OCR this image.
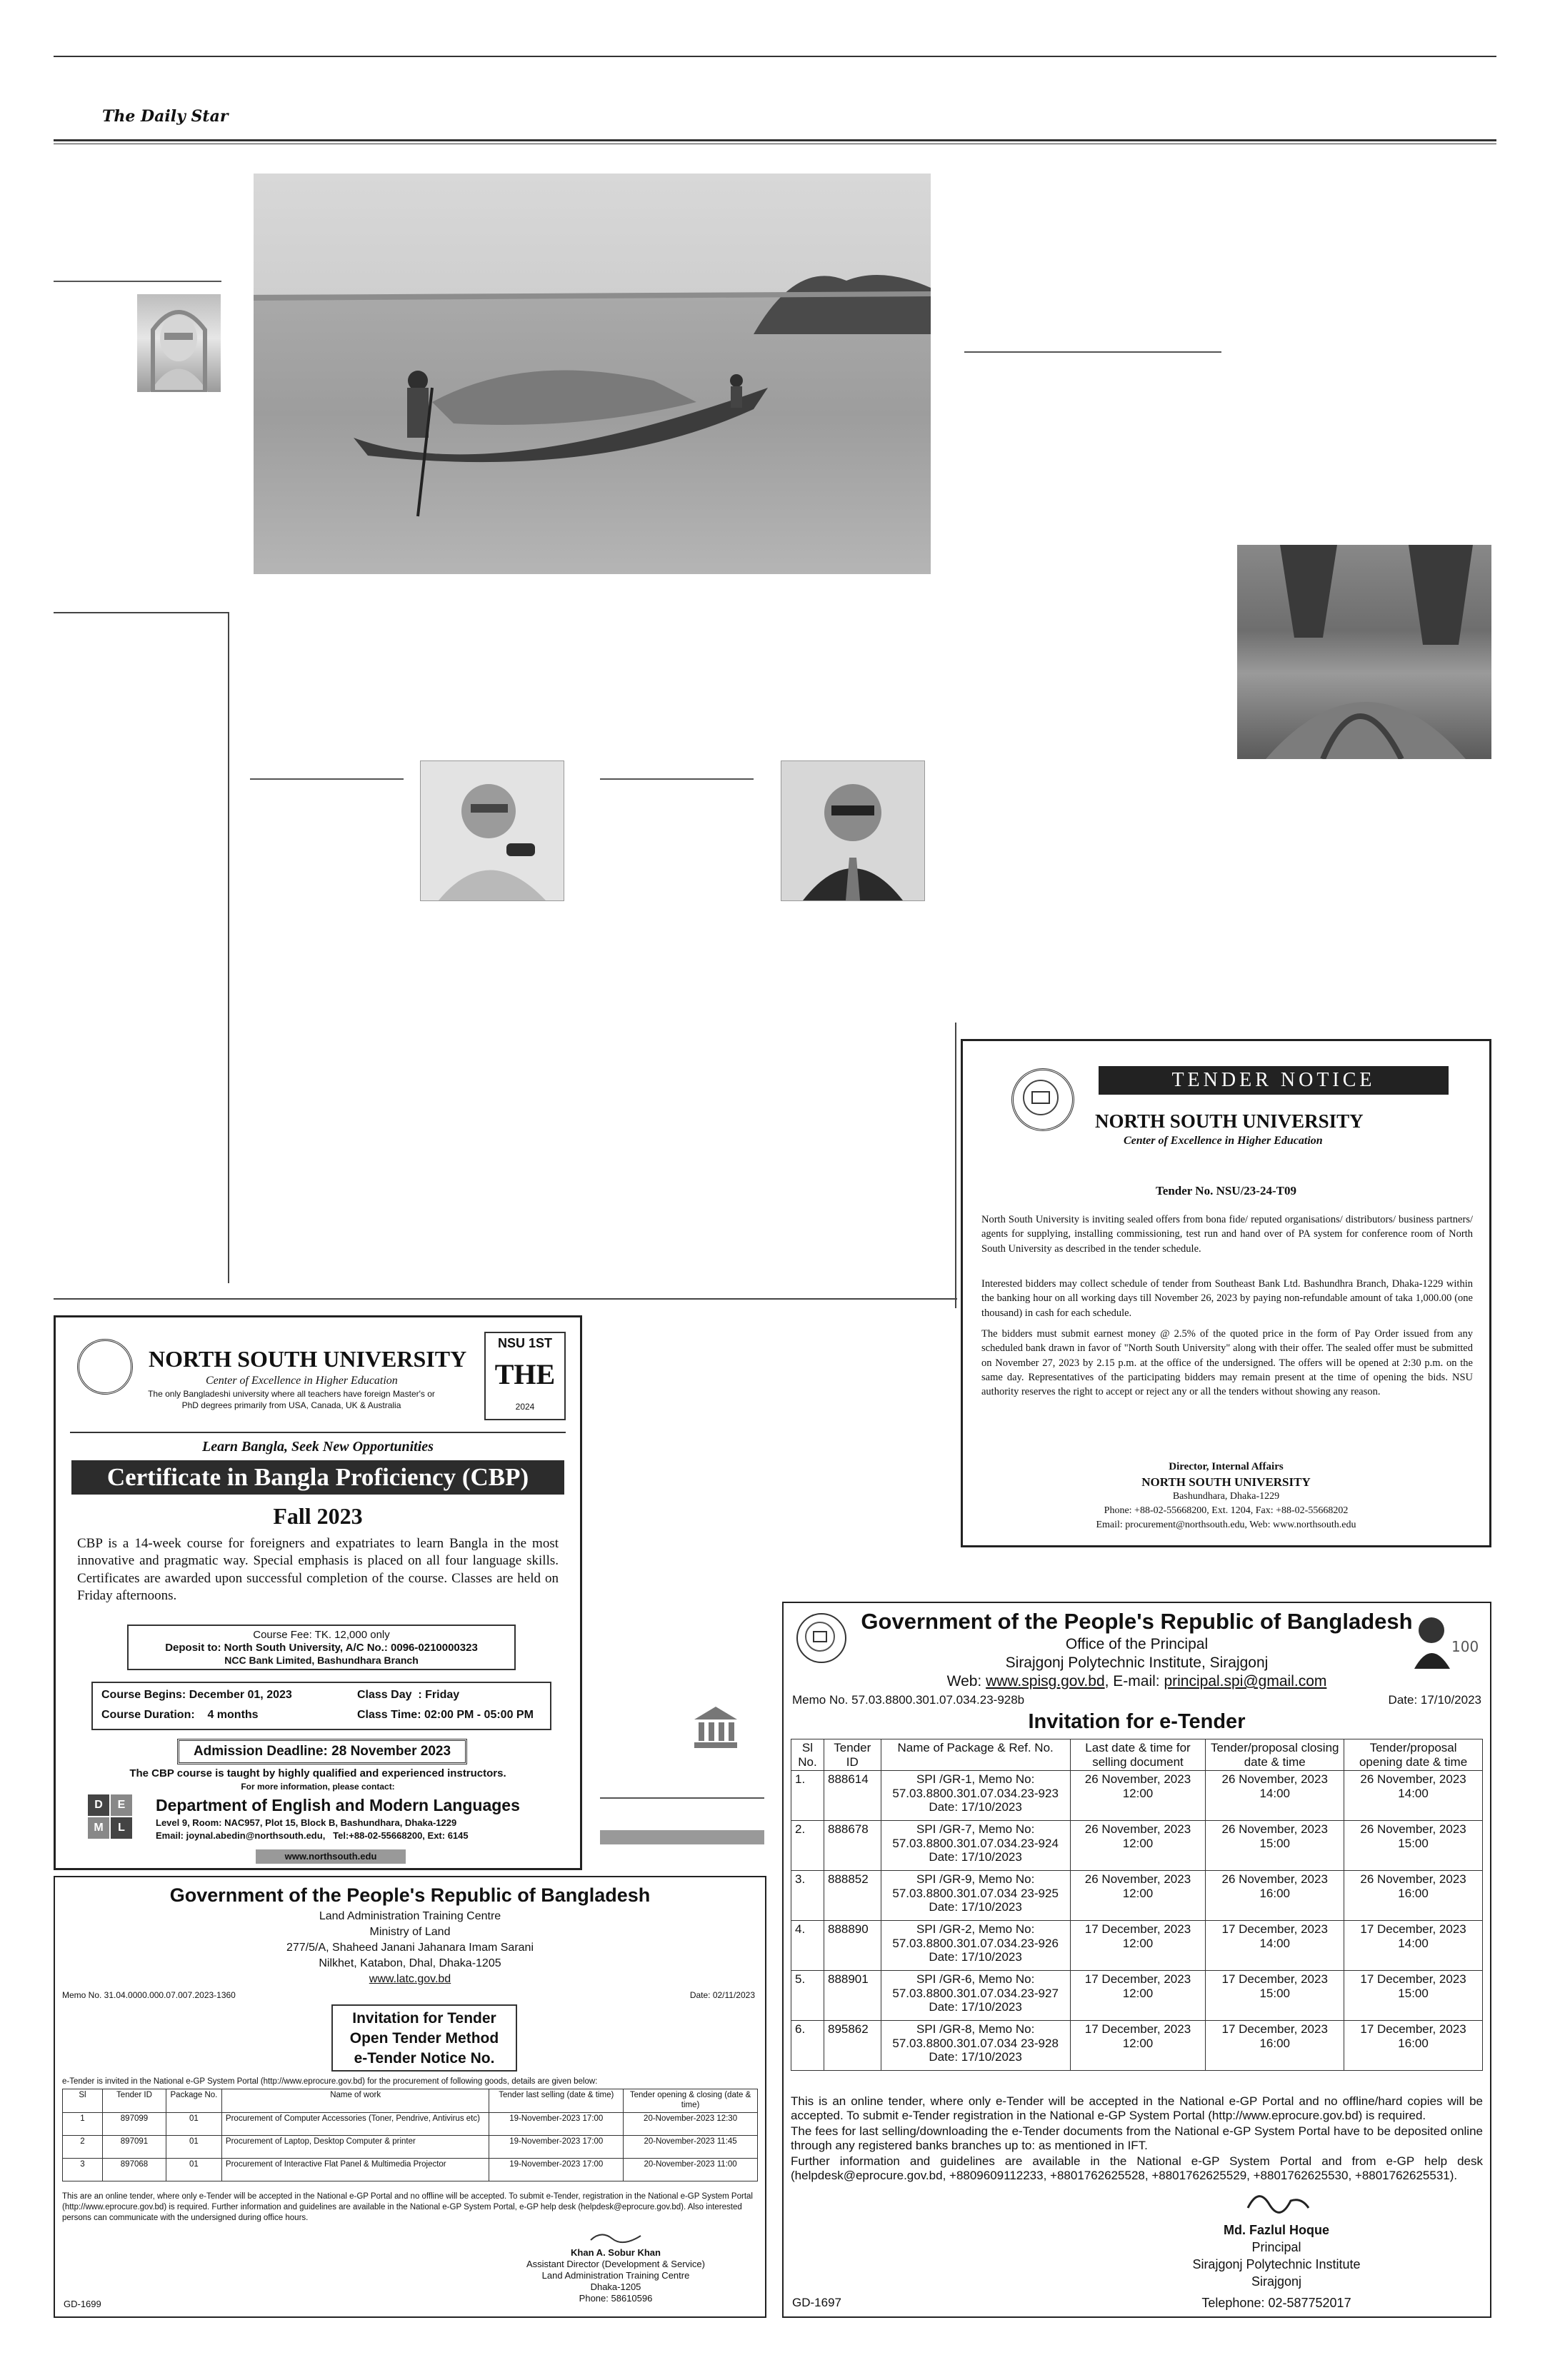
The Daily Star
TENDER NOTICE
NORTH SOUTH UNIVERSITY
Center of Excellence in Higher Education
Tender No. NSU/23-24-T09
North South University is inviting sealed offers from bona fide/ reputed organisations/ distributors/ business partners/ agents for supplying, installing commissioning, test run and hand over of PA system for conference room of North South University as described in the tender schedule.
Interested bidders may collect schedule of tender from Southeast Bank Ltd. Bashundhra Branch, Dhaka-1229 within the banking hour on all working days till November 26, 2023 by paying non-refundable amount of taka 1,000.00 (one thousand) in cash for each schedule.
The bidders must submit earnest money @ 2.5% of the quoted price in the form of Pay Order issued from any scheduled bank drawn in favor of "North South University" along with their offer. The sealed offer must be submitted on November 27, 2023 by 2.15 p.m. at the office of the undersigned. The offers will be opened at 2:30 p.m. on the same day. Representatives of the participating bidders may remain present at the time of opening the bids. NSU authority reserves the right to accept or reject any or all the tenders without showing any reason.
Director, Internal Affairs
NORTH SOUTH UNIVERSITY
Bashundhara, Dhaka-1229
Phone: +88-02-55668200, Ext. 1204, Fax: +88-02-55668202
Email: procurement@northsouth.edu, Web: www.northsouth.edu
NORTH SOUTH UNIVERSITY
Center of Excellence in Higher Education
The only Bangladeshi university where all teachers have foreign Master's or PhD degrees primarily from USA, Canada, UK & Australia
NSU 1ST
THE
2024
Learn Bangla, Seek New Opportunities
Certificate in Bangla Proficiency (CBP)
Fall 2023
CBP is a 14-week course for foreigners and expatriates to learn Bangla in the most innovative and pragmatic way. Special emphasis is placed on all four language skills. Certificates are awarded upon successful completion of the course. Classes are held on Friday afternoons.
Course Fee: TK. 12,000 only
Deposit to: North South University, A/C No.: 0096-0210000323
NCC Bank Limited, Bashundhara Branch
Course Begins: December 01, 2023
Course Duration:    4 months
Class Day  : Friday
Class Time: 02:00 PM - 05:00 PM
Admission Deadline: 28 November 2023
The CBP course is taught by highly qualified and experienced instructors.
For more information, please contact:
D	E
M	L
Department of English and Modern Languages
Level 9, Room: NAC957, Plot 15, Block B, Bashundhara, Dhaka-1229
Email: joynal.abedin@northsouth.edu,   Tel:+88-02-55668200, Ext: 6145
www.northsouth.edu
100
Government of the People's Republic of Bangladesh
Office of the Principal
Sirajgonj Polytechnic Institute, Sirajgonj
Web: www.spisg.gov.bd, E-mail: principal.spi@gmail.com
Memo No. 57.03.8800.301.07.034.23-928b	Date: 17/10/2023
Invitation for e-Tender
Sl No.	Tender ID	Name of Package & Ref. No.	Last date & time for selling document	Tender/proposal closing date & time	Tender/proposal opening date & time
1.	888614	SPI /GR-1, Memo No: 57.03.8800.301.07.034.23-923 Date: 17/10/2023	26 November, 2023 12:00	26 November, 2023 14:00	26 November, 2023 14:00
2.	888678	SPI /GR-7, Memo No: 57.03.8800.301.07.034.23-924 Date: 17/10/2023	26 November, 2023 12:00	26 November, 2023 15:00	26 November, 2023 15:00
3.	888852	SPI /GR-9, Memo No: 57.03.8800.301.07.034 23-925 Date: 17/10/2023	26 November, 2023 12:00	26 November, 2023 16:00	26 November, 2023 16:00
4.	888890	SPI /GR-2, Memo No: 57.03.8800.301.07.034.23-926 Date: 17/10/2023	17 December, 2023 12:00	17 December, 2023 14:00	17 December, 2023 14:00
5.	888901	SPI /GR-6, Memo No: 57.03.8800.301.07.034.23-927 Date: 17/10/2023	17 December, 2023 12:00	17 December, 2023 15:00	17 December, 2023 15:00
6.	895862	SPI /GR-8, Memo No: 57.03.8800.301.07.034 23-928 Date: 17/10/2023	17 December, 2023 12:00	17 December, 2023 16:00	17 December, 2023 16:00
This is an online tender, where only e-Tender will be accepted in the National e-GP Portal and no offline/hard copies will be accepted. To submit e-Tender registration in the National e-GP System Portal (http://www.eprocure.gov.bd) is required.
The fees for last selling/downloading the e-Tender documents from the National e-GP System Portal have to be deposited online through any registered banks branches up to: as mentioned in IFT.
Further information and guidelines are available in the National e-GP System Portal and from e-GP help desk (helpdesk@eprocure.gov.bd, +8809609112233, +8801762625528, +8801762625529, +8801762625530, +8801762625531).
Md. Fazlul Hoque
Principal
Sirajgonj Polytechnic Institute
Sirajgonj
Telephone: 02-587752017
GD-1697
Government of the People's Republic of Bangladesh
Land Administration Training Centre
Ministry of Land
277/5/A, Shaheed Janani Jahanara Imam Sarani
Nilkhet, Katabon, Dhal, Dhaka-1205
www.latc.gov.bd
Memo No. 31.04.0000.000.07.007.2023-1360	Date: 02/11/2023
Invitation for Tender
Open Tender Method
e-Tender Notice No.
e-Tender is invited in the National e-GP System Portal (http://www.eprocure.gov.bd) for the procurement of following goods, details are given below:
Sl	Tender ID	Package No.	Name of work	Tender last selling (date & time)	Tender opening & closing (date & time)
1	897099	01	Procurement of Computer Accessories (Toner, Pendrive, Antivirus etc)	19-November-2023 17:00	20-November-2023 12:30
2	897091	01	Procurement of Laptop, Desktop Computer & printer	19-November-2023 17:00	20-November-2023 11:45
3	897068	01	Procurement of Interactive Flat Panel & Multimedia Projector	19-November-2023 17:00	20-November-2023 11:00
This are an online tender, where only e-Tender will be accepted in the National e-GP Portal and no offline will be accepted. To submit e-Tender, registration in the National e-GP System Portal (http://www.eprocure.gov.bd) is required. Further information and guidelines are available in the National e-GP System Portal, e-GP help desk (helpdesk@eprocure.gov.bd). Also interested persons can communicate with the undersigned during office hours.
Khan A. Sobur Khan
Assistant Director (Development & Service)
Land Administration Training Centre
Dhaka-1205
Phone: 58610596
GD-1699
